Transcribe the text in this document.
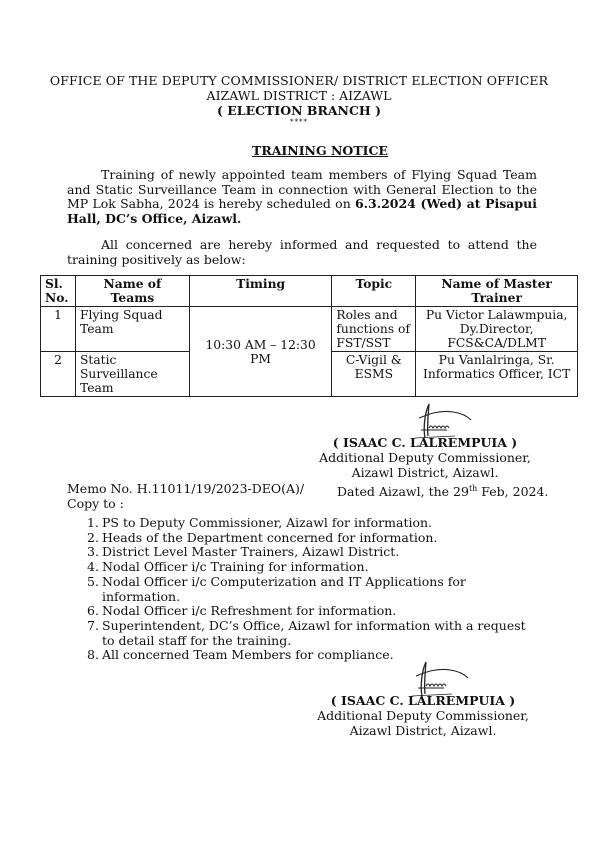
OFFICE OF THE DEPUTY COMMISSIONER/ DISTRICT ELECTION OFFICER
AIZAWL DISTRICT : AIZAWL
( ELECTION BRANCH )
****
TRAINING NOTICE
Training of newly appointed team members of Flying Squad Team and Static Surveillance Team in connection with General Election to the MP Lok Sabha, 2024 is hereby scheduled on 6.3.2024 (Wed) at Pisapui Hall, DC’s Office, Aizawl.
All concerned are hereby informed and requested to attend the training positively as below:
Sl. No.	Name of Teams	Timing	Topic	Name of Master Trainer
1	Flying Squad Team	10:30 AM – 12:30 PM	Roles and functions of FST/SST	Pu Victor Lalawmpuia, Dy.Director, FCS&CA/DLMT
2	Static Surveillance Team		C-Vigil & ESMS	Pu Vanlalringa, Sr. Informatics Officer, ICT
( ISAAC C. LALREMPUIA )
Additional Deputy Commissioner,
Aizawl District, Aizawl.
Memo No. H.11011/19/2023-DEO(A)/
Copy to :
Dated Aizawl, the 29th Feb, 2024.
1. PS to Deputy Commissioner, Aizawl for information.
2. Heads of the Department concerned for information.
3. District Level Master Trainers, Aizawl District.
4. Nodal Officer i/c Training for information.
5. Nodal Officer i/c Computerization and IT Applications for information.
6. Nodal Officer i/c Refreshment for information.
7. Superintendent, DC’s Office, Aizawl for information with a request to detail staff for the training.
8. All concerned Team Members for compliance.
( ISAAC C. LALREMPUIA )
Additional Deputy Commissioner,
Aizawl District, Aizawl.
